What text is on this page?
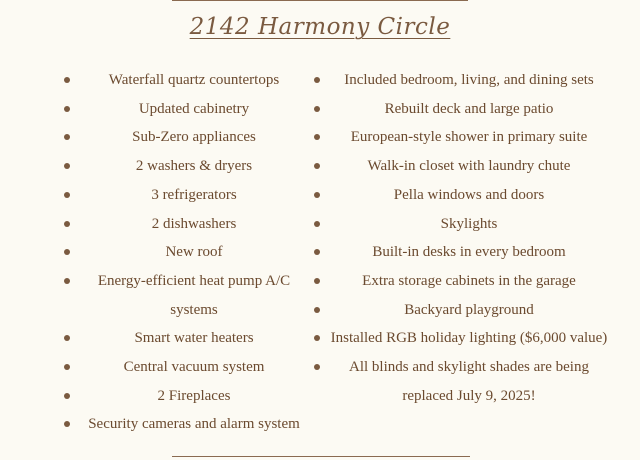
2142 Harmony Circle
Waterfall quartz countertops
Updated cabinetry
Sub-Zero appliances
2 washers & dryers
3 refrigerators
2 dishwashers
New roof
Energy-efficient heat pump A/C systems
Smart water heaters
Central vacuum system
2 Fireplaces
Security cameras and alarm system
Included bedroom, living, and dining sets
Rebuilt deck and large patio
European-style shower in primary suite
Walk-in closet with laundry chute
Pella windows and doors
Skylights
Built-in desks in every bedroom
Extra storage cabinets in the garage
Backyard playground
Installed RGB holiday lighting ($6,000 value)
All blinds and skylight shades are being replaced July 9, 2025!
